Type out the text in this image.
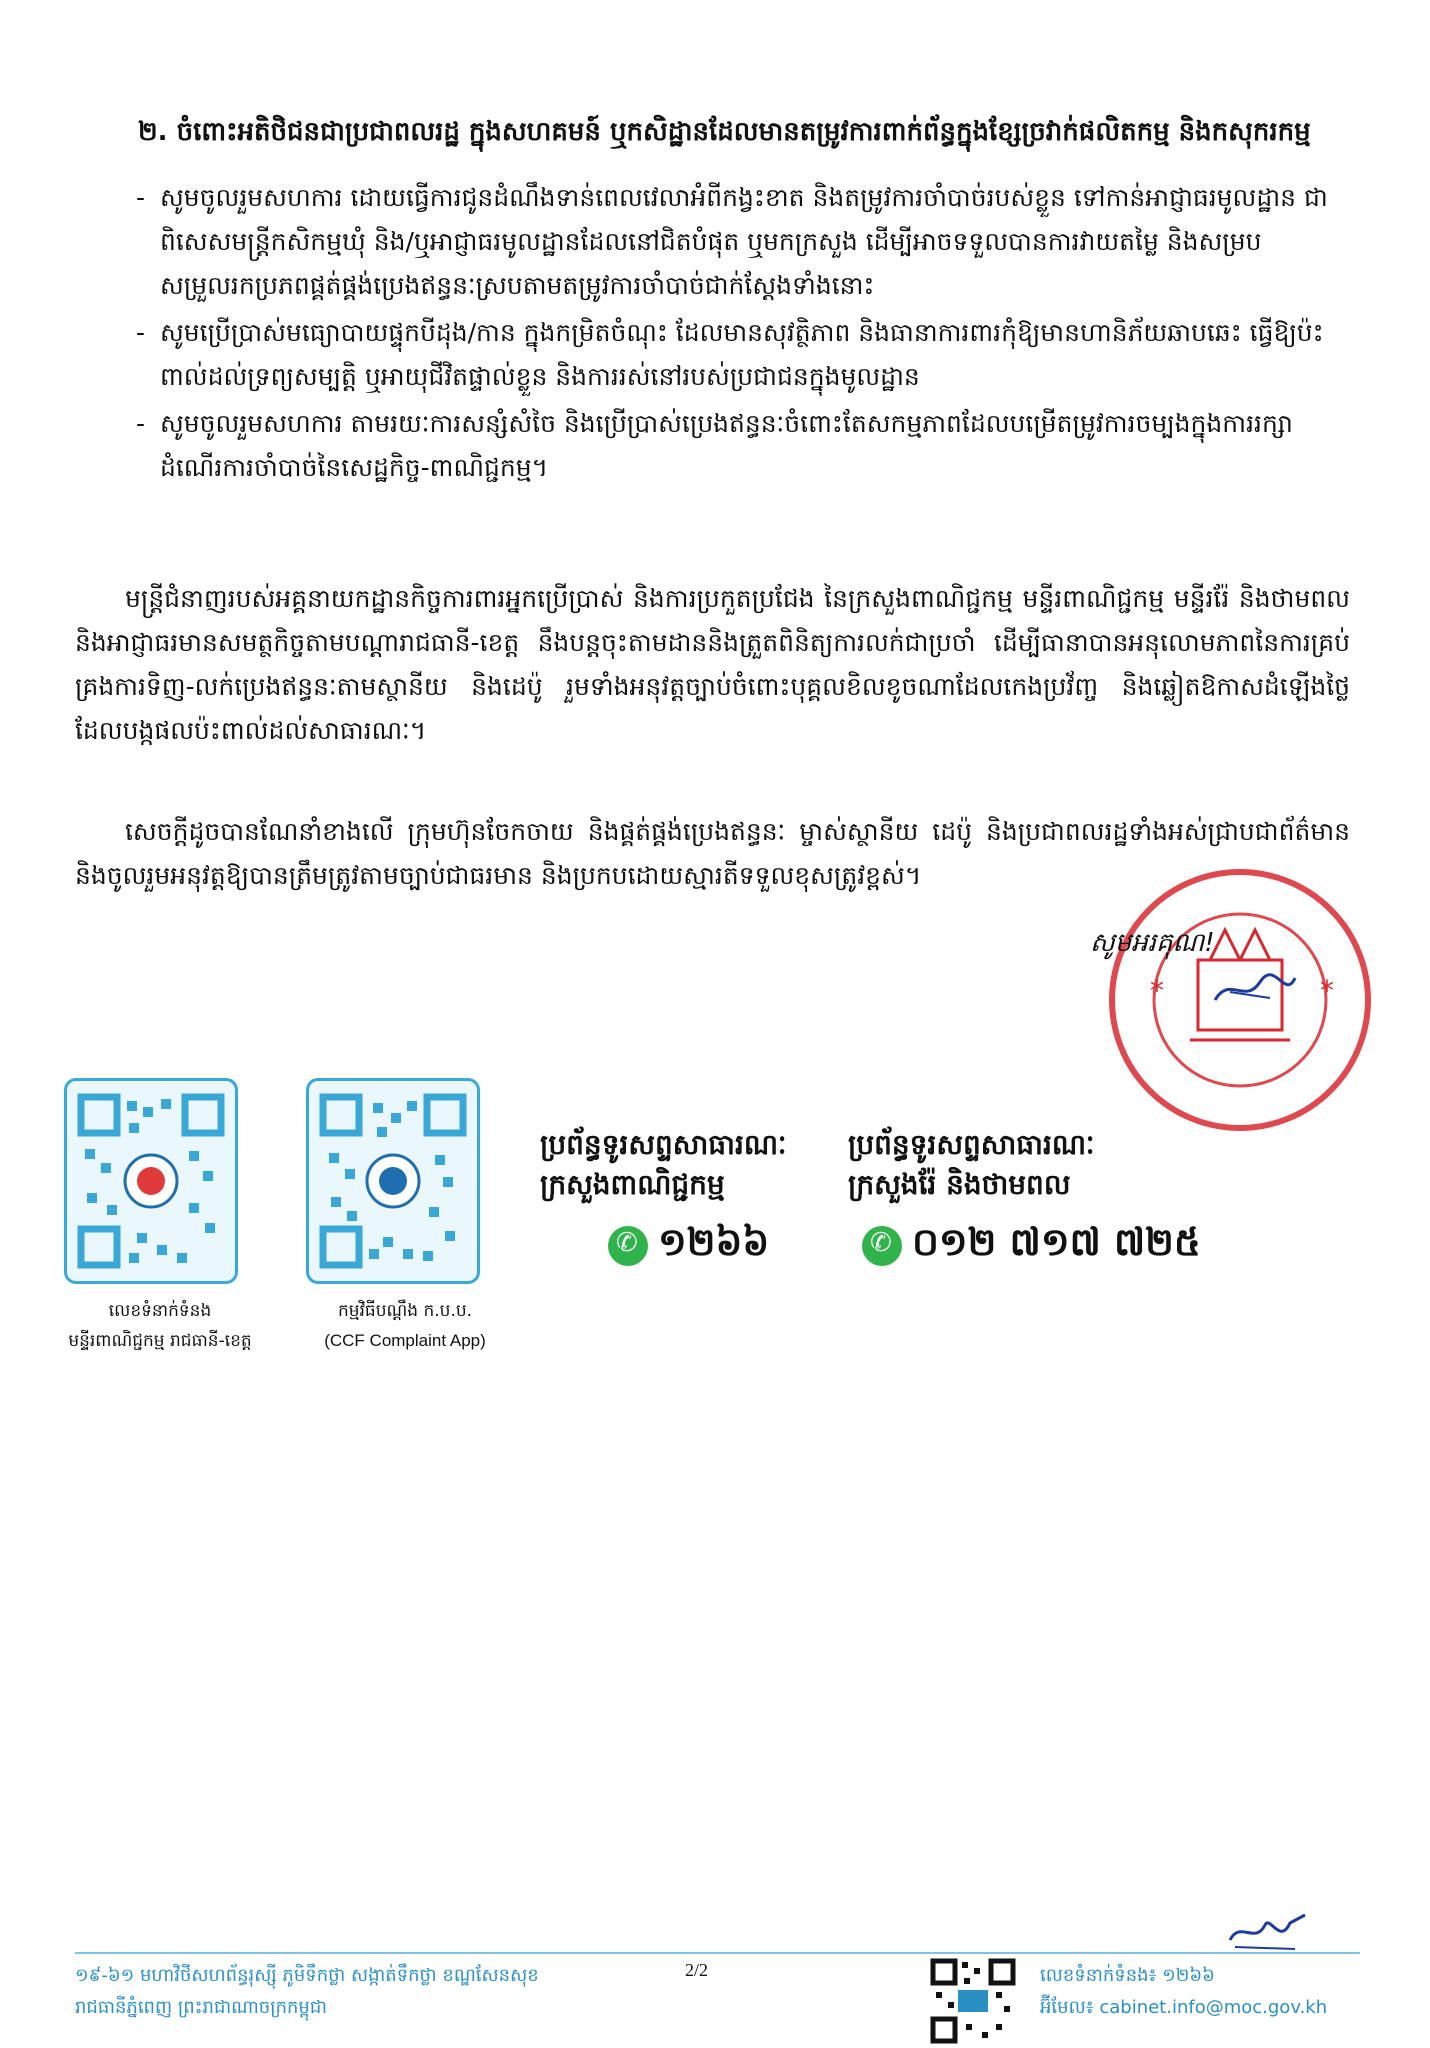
២. ចំពោះអតិថិជនជាប្រជាពលរដ្ឋ ក្នុងសហគមន៍ ឬកសិដ្ឋានដែលមានតម្រូវការពាក់ព័ន្ធក្នុងខ្សែច្រវាក់ផលិតកម្ម និងកសុករកម្ម
- សូមចូលរួមសហការ ដោយធ្វើការជូនដំណឹងទាន់ពេលវេលាអំពីកង្វះខាត និងតម្រូវការចាំបាច់របស់ខ្លួន ទៅកាន់អាជ្ញាធរមូលដ្ឋាន ជាពិសេសមន្ត្រីកសិកម្មឃុំ និង/ឬអាជ្ញាធរមូលដ្ឋានដែលនៅជិតបំផុត ឬមកក្រសួង ដើម្បីអាចទទួលបានការវាយតម្លៃ និងសម្របសម្រួលរកប្រភពផ្គត់ផ្គង់ប្រេងឥន្ធនៈស្របតាមតម្រូវការចាំបាច់ជាក់ស្ដែងទាំងនោះ
- សូមប្រើប្រាស់មធ្យោបាយផ្ទុកបីដុង/កាន ក្នុងកម្រិតចំណុះ ដែលមានសុវត្ថិភាព និងធានាការពារកុំឱ្យមានហានិភ័យឆាបឆេះ ធ្វើឱ្យប៉ះពាល់ដល់ទ្រព្យសម្បត្តិ ឬអាយុជីវិតផ្ទាល់ខ្លួន និងការរស់នៅរបស់ប្រជាជនក្នុងមូលដ្ឋាន
- សូមចូលរួមសហការ តាមរយៈការសន្សំសំចៃ និងប្រើប្រាស់ប្រេងឥន្ធនៈចំពោះតែសកម្មភាពដែលបម្រើតម្រូវការចម្បងក្នុងការរក្សាដំណើរការចាំបាច់នៃសេដ្ឋកិច្ច-ពាណិជ្ជកម្ម។
មន្ត្រីជំនាញរបស់អគ្គនាយកដ្ឋានកិច្ចការពារអ្នកប្រើប្រាស់ និងការប្រកួតប្រជែង នៃក្រសួងពាណិជ្ជកម្ម មន្ទីរពាណិជ្ជកម្ម មន្ទីររ៉ែ និងថាមពល និងអាជ្ញាធរមានសមត្ថកិច្ចតាមបណ្ដារាជធានី-ខេត្ត នឹងបន្តចុះតាមដាននិងត្រួតពិនិត្យការលក់ជាប្រចាំ ដើម្បីធានាបានអនុលោមភាពនៃការគ្រប់គ្រងការទិញ-លក់ប្រេងឥន្ធនៈតាមស្ថានីយ និងដេប៉ូ រួមទាំងអនុវត្តច្បាប់ចំពោះបុគ្គលខិលខូចណាដែលកេងប្រវ័ញ្ច និងឆ្លៀតឱកាសដំឡើងថ្លៃដែលបង្កផលប៉ះពាល់ដល់សាធារណៈ។
សេចក្ដីដូចបានណែនាំខាងលើ ក្រុមហ៊ុនចែកចាយ និងផ្គត់ផ្គង់ប្រេងឥន្ធនៈ ម្ចាស់ស្ថានីយ ដេប៉ូ និងប្រជាពលរដ្ឋទាំងអស់ជ្រាបជាព័ត៌មាន និងចូលរួមអនុវត្តឱ្យបានត្រឹមត្រូវតាមច្បាប់ជាធរមាន និងប្រកបដោយស្មារតីទទួលខុសត្រូវខ្ពស់។
*	*
សូមអរគុណ!
លេខទំនាក់ទំនង
មន្ទីរពាណិជ្ជកម្ម រាជធានី-ខេត្ត
កម្មវិធីបណ្ដឹង ក.ប.ប.
(CCF Complaint App)
ប្រព័ន្ធទូរសព្ទសាធារណៈ
ក្រសួងពាណិជ្ជកម្ម
ប្រព័ន្ធទូរសព្ទសាធារណៈ
ក្រសួងរ៉ែ និងថាមពល
✆
១២៦៦
✆	០១២ ៧១៧ ៧២៥
១៩-៦១ មហាវិថីសហព័ន្ធរុស្ស៊ី ភូមិទឹកថ្លា សង្កាត់ទឹកថ្លា ខណ្ឌសែនសុខ
រាជធានីភ្នំពេញ ព្រះរាជាណាចក្រកម្ពុជា
2/2	លេខទំនាក់ទំនង៖ ១២៦៦
អ៊ីមែល៖ cabinet.info@moc.gov.kh
